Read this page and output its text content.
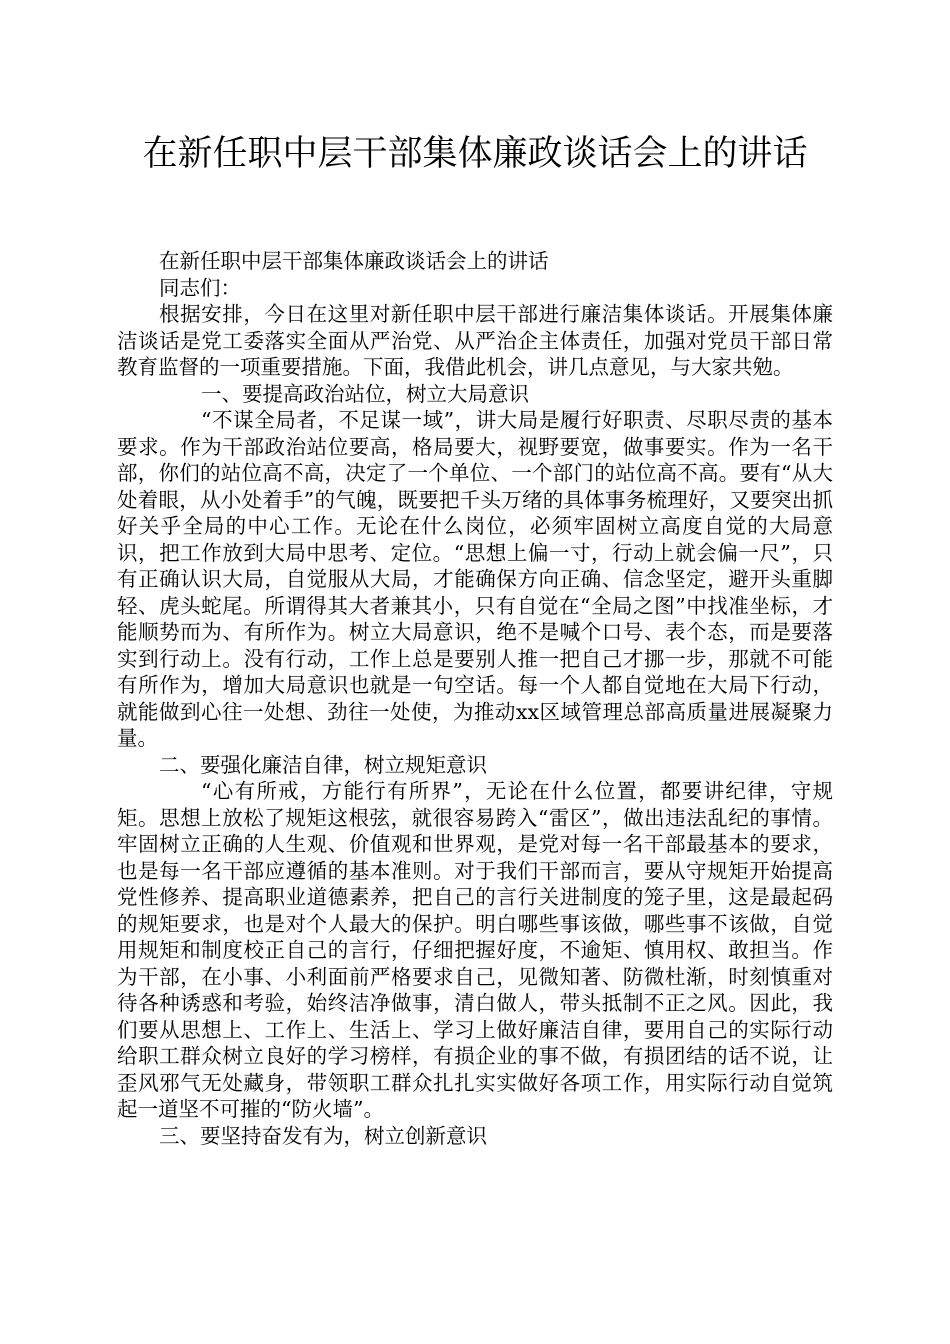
在新任职中层干部集体廉政谈话会上的讲话

在新任职中层干部集体廉政谈话会上的讲话

同志们：

根据安排，今日在这里对新任职中层干部进行廉洁集体谈话。开展集体廉洁谈话是党工委落实全面从严治党、从严治企主体责任，加强对党员干部日常教育监督的一项重要措施。下面，我借此机会，讲几点意见，与大家共勉。

一、要提高政治站位，树立大局意识

“不谋全局者，不足谋一域”，讲大局是履行好职责、尽职尽责的基本要求。作为干部政治站位要高，格局要大，视野要宽，做事要实。作为一名干部，你们的站位高不高，决定了一个单位、一个部门的站位高不高。要有“从大处着眼，从小处着手”的气魄，既要把千头万绪的具体事务梳理好，又要突出抓好关乎全局的中心工作。无论在什么岗位，必须牢固树立高度自觉的大局意识，把工作放到大局中思考、定位。“思想上偏一寸，行动上就会偏一尺”，只有正确认识大局，自觉服从大局，才能确保方向正确、信念坚定，避开头重脚轻、虎头蛇尾。所谓得其大者兼其小，只有自觉在“全局之图”中找准坐标，才能顺势而为、有所作为。树立大局意识，绝不是喊个口号、表个态，而是要落实到行动上。没有行动，工作上总是要别人推一把自己才挪一步，那就不可能有所作为，增加大局意识也就是一句空话。每一个人都自觉地在大局下行动，就能做到心往一处想、劲往一处使，为推动xx区域管理总部高质量进展凝聚力量。

二、要强化廉洁自律，树立规矩意识

“心有所戒，方能行有所界”，无论在什么位置，都要讲纪律，守规矩。思想上放松了规矩这根弦，就很容易跨入“雷区”，做出违法乱纪的事情。牢固树立正确的人生观、价值观和世界观，是党对每一名干部最基本的要求，也是每一名干部应遵循的基本准则。对于我们干部而言，要从守规矩开始提高党性修养、提高职业道德素养，把自己的言行关进制度的笼子里，这是最起码的规矩要求，也是对个人最大的保护。明白哪些事该做，哪些事不该做，自觉用规矩和制度校正自己的言行，仔细把握好度，不逾矩、慎用权、敢担当。作为干部，在小事、小利面前严格要求自己，见微知著、防微杜渐，时刻慎重对待各种诱惑和考验，始终洁净做事，清白做人，带头抵制不正之风。因此，我们要从思想上、工作上、生活上、学习上做好廉洁自律，要用自己的实际行动给职工群众树立良好的学习榜样，有损企业的事不做，有损团结的话不说，让歪风邪气无处藏身，带领职工群众扎扎实实做好各项工作，用实际行动自觉筑起一道坚不可摧的“防火墙”。

三、要坚持奋发有为，树立创新意识
